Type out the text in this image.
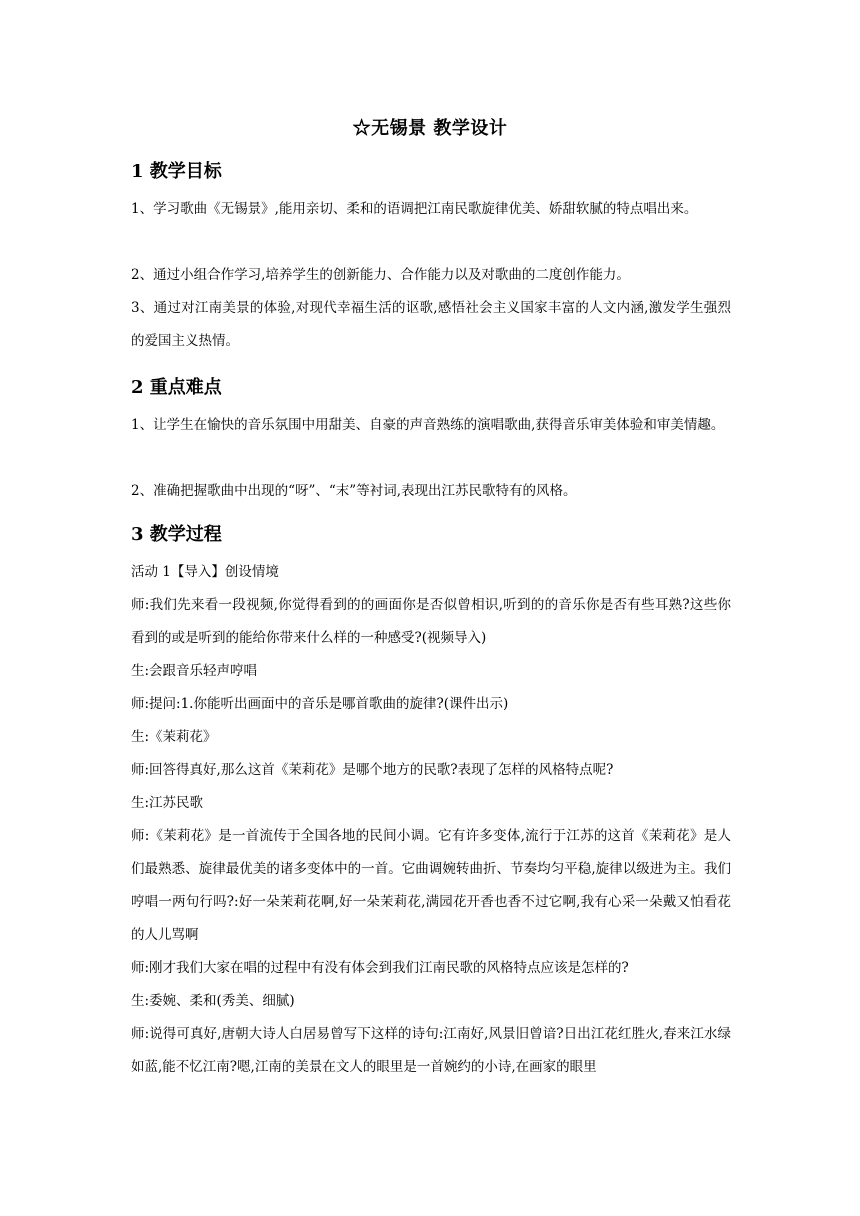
☆无锡景 教学设计
1 教学目标

1、学习歌曲《无锡景》,能用亲切、柔和的语调把江南民歌旋律优美、娇甜软腻的特点唱出来。

2、通过小组合作学习,培养学生的创新能力、合作能力以及对歌曲的二度创作能力。

3、通过对江南美景的体验,对现代幸福生活的讴歌,感悟社会主义国家丰富的人文内涵,激发学生强烈的爱国主义热情。

2 重点难点

1、让学生在愉快的音乐氛围中用甜美、自豪的声音熟练的演唱歌曲,获得音乐审美体验和审美情趣。

2、准确把握歌曲中出现的“呀”、“末”等衬词,表现出江苏民歌特有的风格。

3 教学过程

活动 1【导入】创设情境

师:我们先来看一段视频,你觉得看到的的画面你是否似曾相识,听到的的音乐你是否有些耳熟?这些你看到的或是听到的能给你带来什么样的一种感受?(视频导入)

生:会跟音乐轻声哼唱

师:提问:1.你能听出画面中的音乐是哪首歌曲的旋律?(课件出示)

生:《茉莉花》

师:回答得真好,那么这首《茉莉花》是哪个地方的民歌?表现了怎样的风格特点呢?

生:江苏民歌

师:《茉莉花》是一首流传于全国各地的民间小调。它有许多变体,流行于江苏的这首《茉莉花》是人们最熟悉、旋律最优美的诸多变体中的一首。它曲调婉转曲折、节奏均匀平稳,旋律以级进为主。我们哼唱一两句行吗?:好一朵茉莉花啊,好一朵茉莉花,满园花开香也香不过它啊,我有心采一朵戴又怕看花的人儿骂啊

师:刚才我们大家在唱的过程中有没有体会到我们江南民歌的风格特点应该是怎样的?

生:委婉、柔和(秀美、细腻)

师:说得可真好,唐朝大诗人白居易曾写下这样的诗句:江南好,风景旧曾谙?日出江花红胜火,春来江水绿如蓝,能不忆江南?嗯,江南的美景在文人的眼里是一首婉约的小诗,在画家的眼里
